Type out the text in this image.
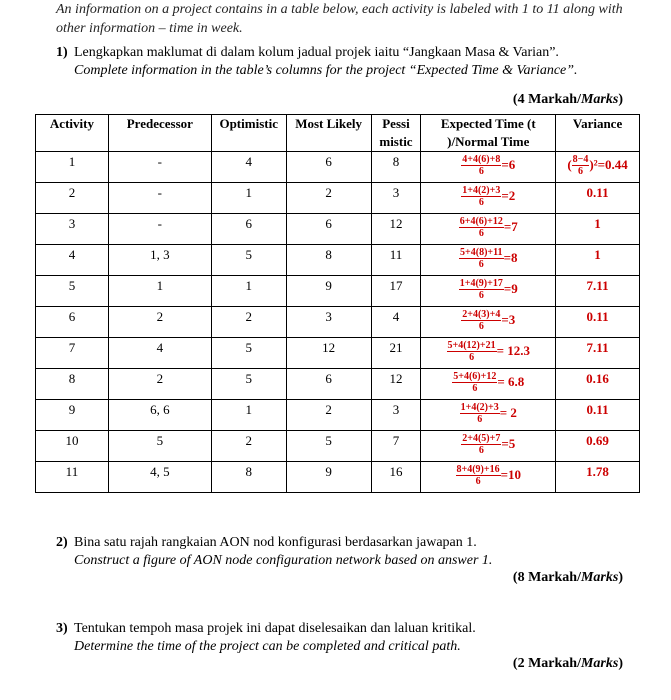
An information on a project contains in a table below, each activity is labeled with 1 to 11 along with other information – time in week.
1) Lengkapkan maklumat di dalam kolum jadual projek iaitu “Jangkaan Masa & Varian”.
Complete information in the table’s columns for the project “Expected Time & Variance”.
(4 Markah/Marks)
Activity	Predecessor	Optimistic	Most Likely	Pessi mistic	Expected Time (t )/Normal Time	Variance
1	-	4	6	8	$\frac{4+4(6)+8}{6} =6$	( $\frac{8-4}{6} )^2=0.44$
2	-	1	2	3	$\frac{1+4(2)+3}{6} =2$	0.11
3	-	6	6	12	$\frac{6+4(6)+12}{6} =7$	1
4	1, 3	5	8	11	$\frac{5+4(8)+11}{6} =8$	1
5	1	1	9	17	$\frac{1+4(9)+17}{6} =9$	7.11
6	2	2	3	4	$\frac{2+4(3)+4}{6} =3$	0.11
7	4	5	12	21	$\frac{5+4(12)+21}{6} = 12.3$	7.11
8	2	5	6	12	$\frac{5+4(6)+12}{6} = 6.8$	0.16
9	6, 6	1	2	3	$\frac{1+4(2)+3}{6} = 2$	0.11
10	5	2	5	7	$\frac{2+4(5)+7}{6} =5$	0.69
11	4, 5	8	9	16	$\frac{8+4(9)+16}{6} =10$	1.78
2) Bina satu rajah rangkaian AON nod konfigurasi berdasarkan jawapan 1.
Construct a figure of AON node configuration network based on answer 1.
(8 Markah/Marks)
3) Tentukan tempoh masa projek ini dapat diselesaikan dan laluan kritikal.
Determine the time of the project can be completed and critical path.
(2 Markah/Marks)
